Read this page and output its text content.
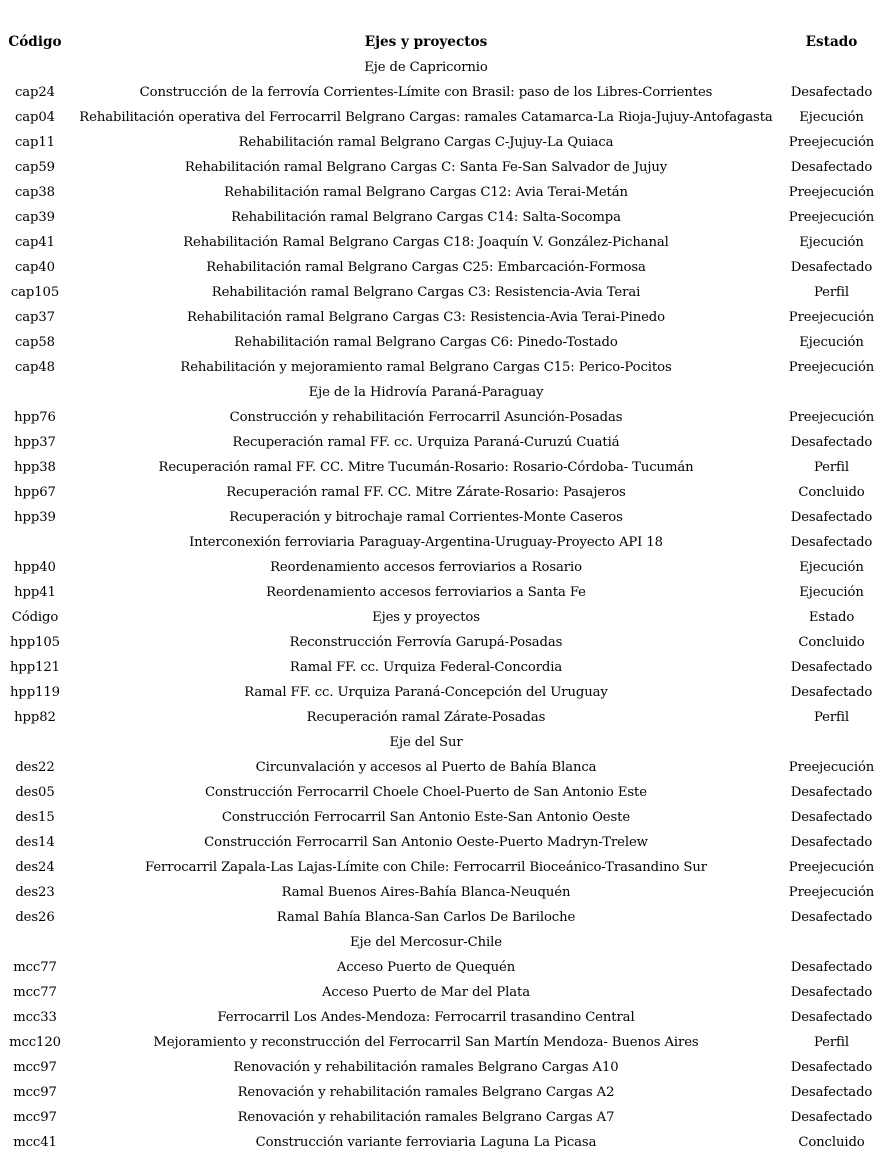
Código	Ejes y proyectos	Estado
	Eje de Capricornio	
cap24	Construcción de la ferrovía Corrientes-Límite con Brasil: paso de los Libres-Corrientes	Desafectado
cap04	Rehabilitación operativa del Ferrocarril Belgrano Cargas: ramales Catamarca-La Rioja-Jujuy-Antofagasta	Ejecución
cap11	Rehabilitación ramal Belgrano Cargas C-Jujuy-La Quiaca	Preejecución
cap59	Rehabilitación ramal Belgrano Cargas C: Santa Fe-San Salvador de Jujuy	Desafectado
cap38	Rehabilitación ramal Belgrano Cargas C12: Avia Terai-Metán	Preejecución
cap39	Rehabilitación ramal Belgrano Cargas C14: Salta-Socompa	Preejecución
cap41	Rehabilitación Ramal Belgrano Cargas C18: Joaquín V. González-Pichanal	Ejecución
cap40	Rehabilitación ramal Belgrano Cargas C25: Embarcación-Formosa	Desafectado
cap105	Rehabilitación ramal Belgrano Cargas C3: Resistencia-Avia Terai	Perfil
cap37	Rehabilitación ramal Belgrano Cargas C3: Resistencia-Avia Terai-Pinedo	Preejecución
cap58	Rehabilitación ramal Belgrano Cargas C6: Pinedo-Tostado	Ejecución
cap48	Rehabilitación y mejoramiento ramal Belgrano Cargas C15: Perico-Pocitos	Preejecución
	Eje de la Hidrovía Paraná-Paraguay	
hpp76	Construcción y rehabilitación Ferrocarril Asunción-Posadas	Preejecución
hpp37	Recuperación ramal FF. cc. Urquiza Paraná-Curuzú Cuatiá	Desafectado
hpp38	Recuperación ramal FF. CC. Mitre Tucumán-Rosario: Rosario-Córdoba- Tucumán	Perfil
hpp67	Recuperación ramal FF. CC. Mitre Zárate-Rosario: Pasajeros	Concluido
hpp39	Recuperación y bitrochaje ramal Corrientes-Monte Caseros	Desafectado
	Interconexión ferroviaria Paraguay-Argentina-Uruguay-Proyecto API 18	Desafectado
hpp40	Reordenamiento accesos ferroviarios a Rosario	Ejecución
hpp41	Reordenamiento accesos ferroviarios a Santa Fe	Ejecución
Código	Ejes y proyectos	Estado
hpp105	Reconstrucción Ferrovía Garupá-Posadas	Concluido
hpp121	Ramal FF. cc. Urquiza Federal-Concordia	Desafectado
hpp119	Ramal FF. cc. Urquiza Paraná-Concepción del Uruguay	Desafectado
hpp82	Recuperación ramal Zárate-Posadas	Perfil
	Eje del Sur	
des22	Circunvalación y accesos al Puerto de Bahía Blanca	Preejecución
des05	Construcción Ferrocarril Choele Choel-Puerto de San Antonio Este	Desafectado
des15	Construcción Ferrocarril San Antonio Este-San Antonio Oeste	Desafectado
des14	Construcción Ferrocarril San Antonio Oeste-Puerto Madryn-Trelew	Desafectado
des24	Ferrocarril Zapala-Las Lajas-Límite con Chile: Ferrocarril Bioceánico-Trasandino Sur	Preejecución
des23	Ramal Buenos Aires-Bahía Blanca-Neuquén	Preejecución
des26	Ramal Bahía Blanca-San Carlos De Bariloche	Desafectado
	Eje del Mercosur-Chile	
mcc77	Acceso Puerto de Quequén	Desafectado
mcc77	Acceso Puerto de Mar del Plata	Desafectado
mcc33	Ferrocarril Los Andes-Mendoza: Ferrocarril trasandino Central	Desafectado
mcc120	Mejoramiento y reconstrucción del Ferrocarril San Martín Mendoza- Buenos Aires	Perfil
mcc97	Renovación y rehabilitación ramales Belgrano Cargas A10	Desafectado
mcc97	Renovación y rehabilitación ramales Belgrano Cargas A2	Desafectado
mcc97	Renovación y rehabilitación ramales Belgrano Cargas A7	Desafectado
mcc41	Construcción variante ferroviaria Laguna La Picasa	Concluido
